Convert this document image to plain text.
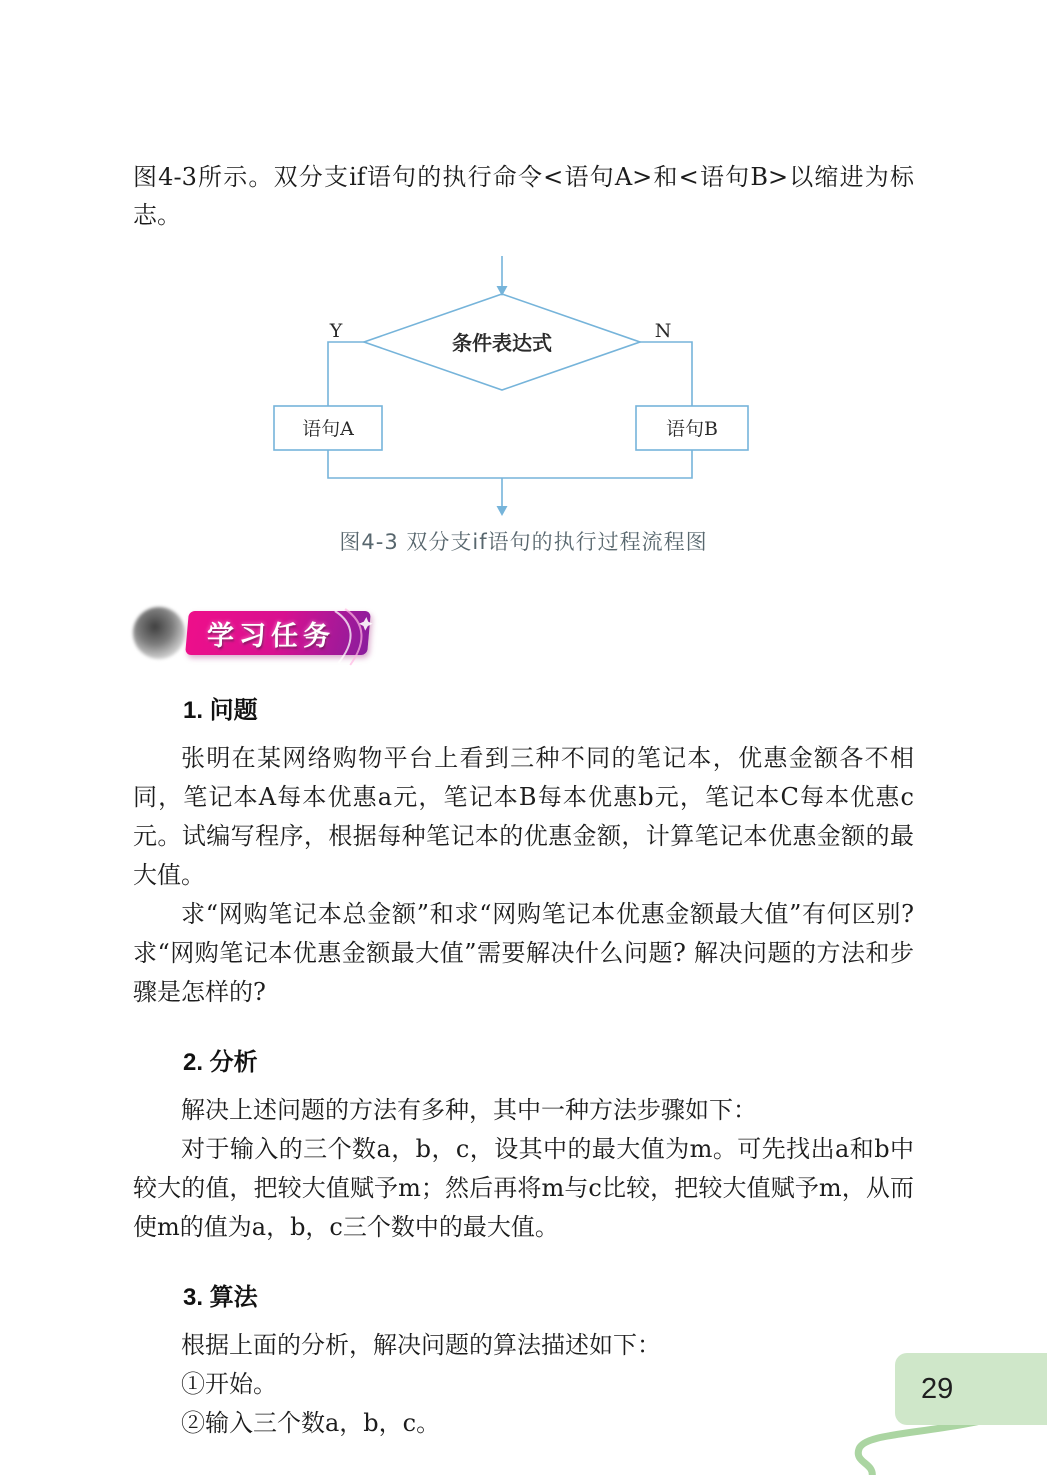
图4-3所示。双分支if语句的执行命令<语句A>和<语句B>以缩进为标志。

Y	N
条件表达式
语句A	语句B

图4-3 双分支if语句的执行过程流程图

学习任务
1. 问题

张明在某网络购物平台上看到三种不同的笔记本，优惠金额各不相同，笔记本A每本优惠a元，笔记本B每本优惠b元，笔记本C每本优惠c元。试编写程序，根据每种笔记本的优惠金额，计算笔记本优惠金额的最大值。

求“网购笔记本总金额”和求“网购笔记本优惠金额最大值”有何区别? 求“网购笔记本优惠金额最大值”需要解决什么问题? 解决问题的方法和步骤是怎样的?

2. 分析

解决上述问题的方法有多种，其中一种方法步骤如下：

对于输入的三个数a，b，c，设其中的最大值为m。可先找出a和b中较大的值，把较大值赋予m；然后再将m与c比较，把较大值赋予m，从而使m的值为a，b，c三个数中的最大值。

3. 算法

根据上面的分析，解决问题的算法描述如下：

①开始。

②输入三个数a，b，c。

29
